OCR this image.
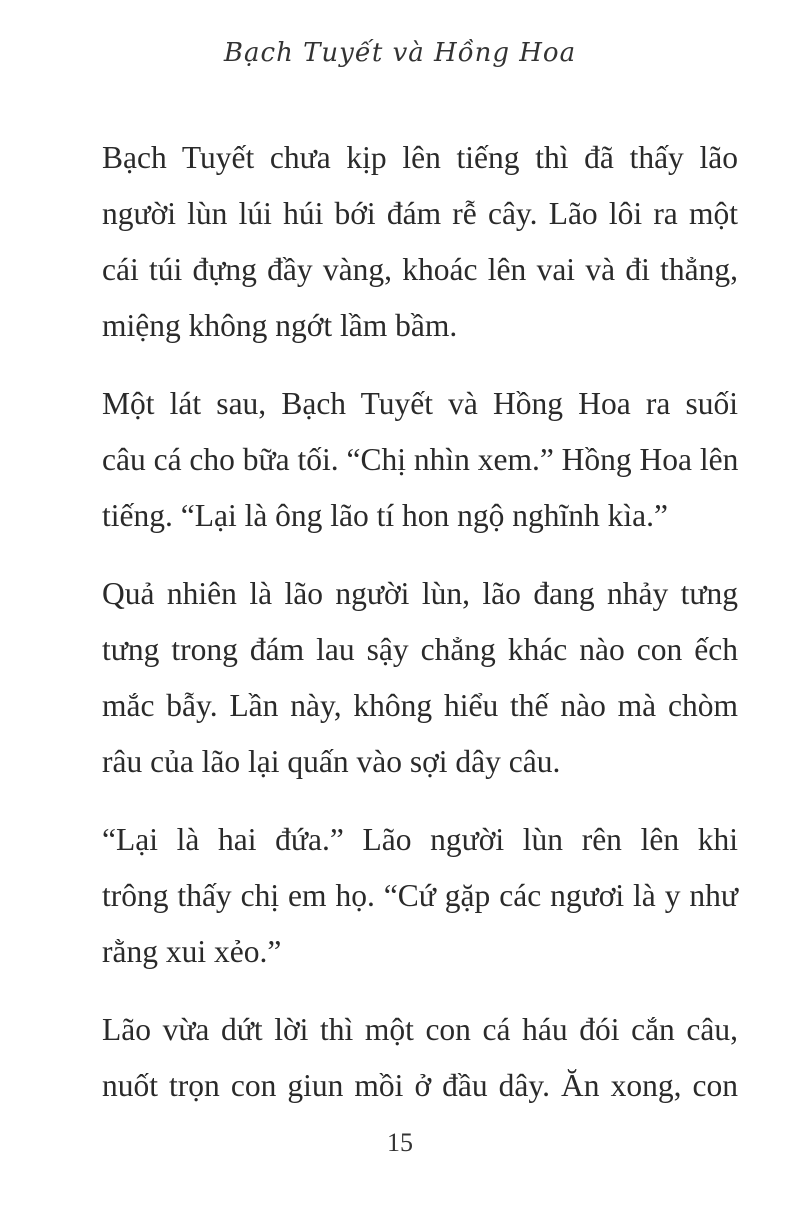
Bạch Tuyết và Hồng Hoa
Bạch Tuyết chưa kịp lên tiếng thì đã thấy lão
người lùn lúi húi bới đám rễ cây. Lão lôi ra một
cái túi đựng đầy vàng, khoác lên vai và đi thẳng,
miệng không ngớt lầm bầm.
Một lát sau, Bạch Tuyết và Hồng Hoa ra suối
câu cá cho bữa tối. “Chị nhìn xem.” Hồng Hoa lên
tiếng. “Lại là ông lão tí hon ngộ nghĩnh kìa.”
Quả nhiên là lão người lùn, lão đang nhảy tưng
tưng trong đám lau sậy chẳng khác nào con ếch
mắc bẫy. Lần này, không hiểu thế nào mà chòm
râu của lão lại quấn vào sợi dây câu.
“Lại là hai đứa.” Lão người lùn rên lên khi
trông thấy chị em họ. “Cứ gặp các ngươi là y như
rằng xui xẻo.”
Lão vừa dứt lời thì một con cá háu đói cắn câu,
nuốt trọn con giun mồi ở đầu dây. Ăn xong, con
15
